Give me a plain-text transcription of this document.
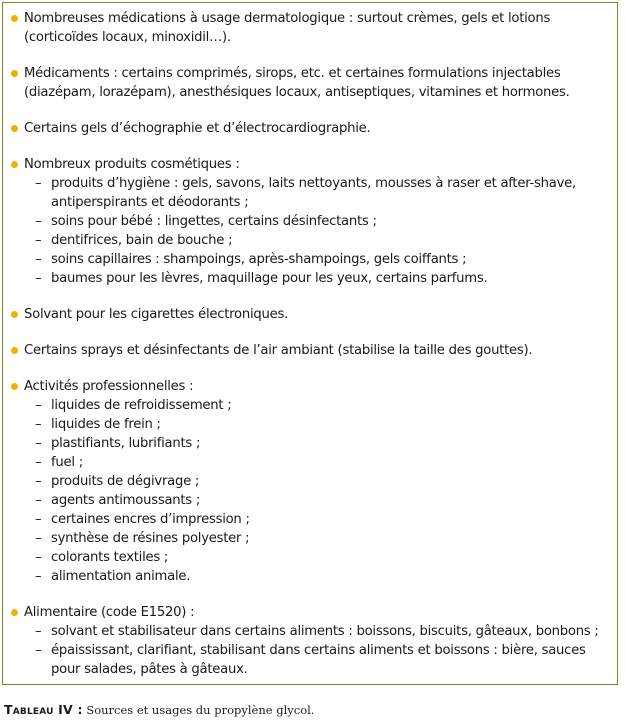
Nombreuses médications à usage dermatologique : surtout crèmes, gels et lotions
(corticoïdes locaux, minoxidil…).
Médicaments : certains comprimés, sirops, etc. et certaines formulations injectables
(diazépam, lorazépam), anesthésiques locaux, antiseptiques, vitamines et hormones.
Certains gels d’échographie et d’électrocardiographie.
Nombreux produits cosmétiques :
– produits d’hygiène : gels, savons, laits nettoyants, mousses à raser et after-shave,
antiperspirants et déodorants ;
– soins pour bébé : lingettes, certains désinfectants ;
– dentifrices, bain de bouche ;
– soins capillaires : shampoings, après-shampoings, gels coiffants ;
– baumes pour les lèvres, maquillage pour les yeux, certains parfums.
Solvant pour les cigarettes électroniques.
Certains sprays et désinfectants de l’air ambiant (stabilise la taille des gouttes).
Activités professionnelles :
– liquides de refroidissement ;
– liquides de frein ;
– plastifiants, lubrifiants ;
– fuel ;
– produits de dégivrage ;
– agents antimoussants ;
– certaines encres d’impression ;
– synthèse de résines polyester ;
– colorants textiles ;
– alimentation animale.
Alimentaire (code E1520) :
– solvant et stabilisateur dans certains aliments : boissons, biscuits, gâteaux, bonbons ;
– épaississant, clarifiant, stabilisant dans certains aliments et boissons : bière, sauces
pour salades, pâtes à gâteaux.
Tableau IV : Sources et usages du propylène glycol.
